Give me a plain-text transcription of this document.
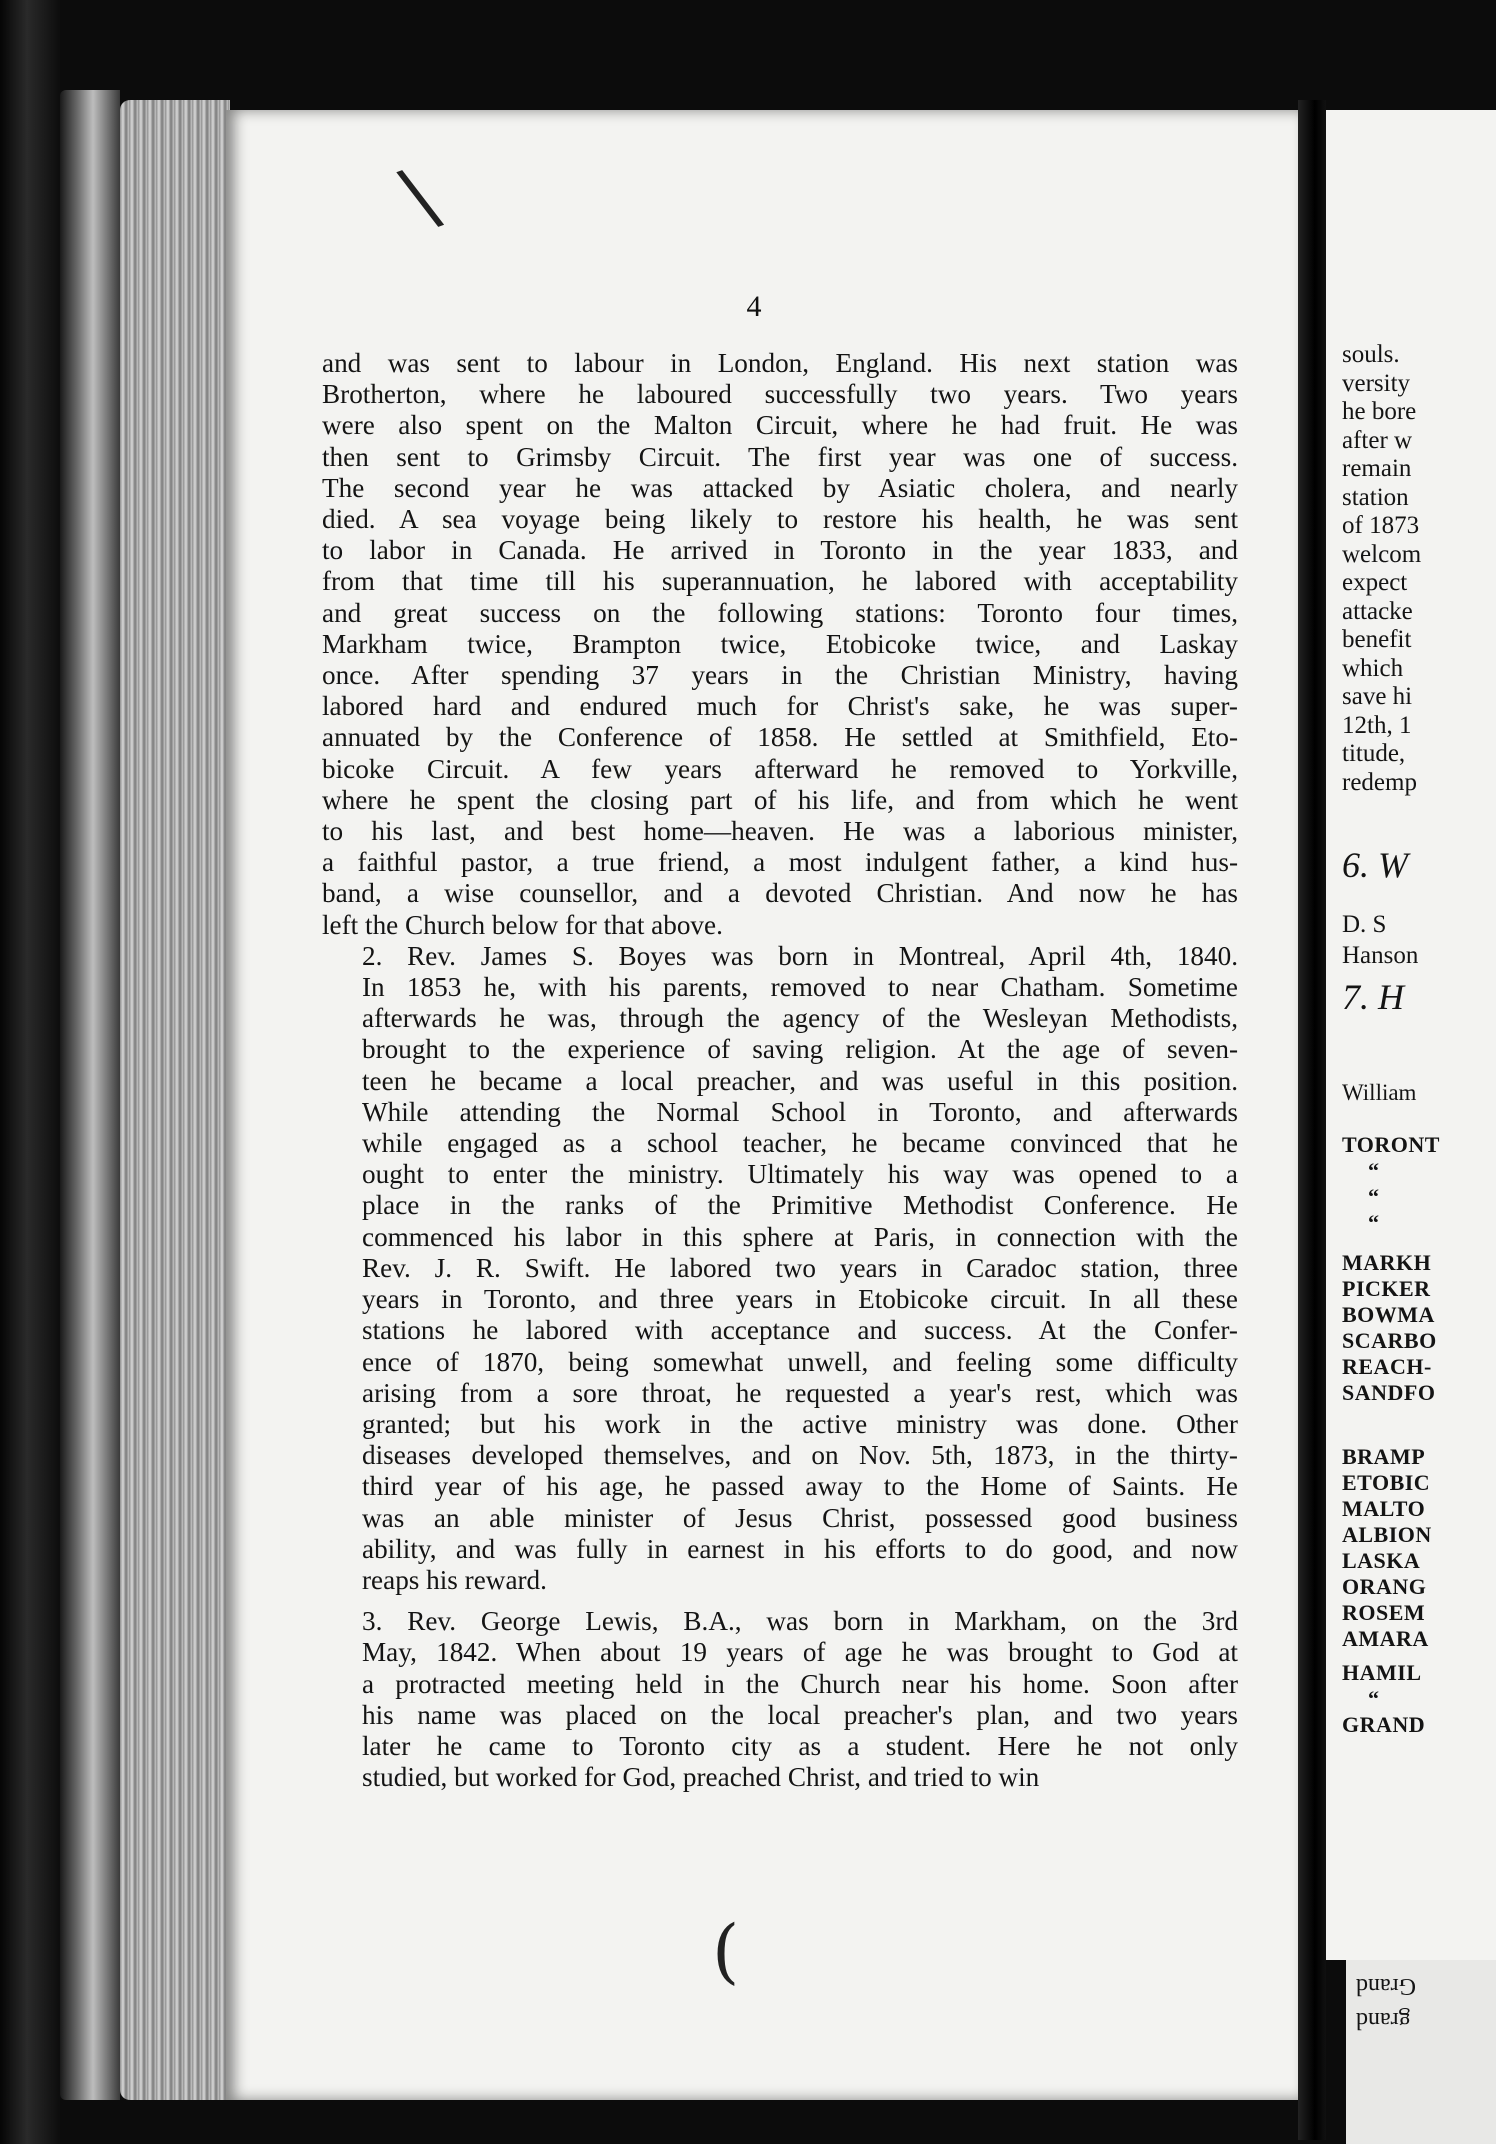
\
(
4

and was sent to labour in London, England. His next station was
Brotherton, where he laboured successfully two years. Two years
were also spent on the Malton Circuit, where he had fruit. He was
then sent to Grimsby Circuit. The first year was one of success.
The second year he was attacked by Asiatic cholera, and nearly
died. A sea voyage being likely to restore his health, he was sent
to labor in Canada. He arrived in Toronto in the year 1833, and
from that time till his superannuation, he labored with acceptability
and great success on the following stations: Toronto four times,
Markham twice, Brampton twice, Etobicoke twice, and Laskay
once. After spending 37 years in the Christian Ministry, having
labored hard and endured much for Christ's sake, he was super-
annuated by the Conference of 1858. He settled at Smithfield, Eto-
bicoke Circuit. A few years afterward he removed to Yorkville,
where he spent the closing part of his life, and from which he went
to his last, and best home—heaven. He was a laborious minister,
a faithful pastor, a true friend, a most indulgent father, a kind hus-
band, a wise counsellor, and a devoted Christian. And now he has
left the Church below for that above.

2. Rev. James S. Boyes was born in Montreal, April 4th, 1840.
In 1853 he, with his parents, removed to near Chatham. Sometime
afterwards he was, through the agency of the Wesleyan Methodists,
brought to the experience of saving religion. At the age of seven-
teen he became a local preacher, and was useful in this position.
While attending the Normal School in Toronto, and afterwards
while engaged as a school teacher, he became convinced that he
ought to enter the ministry. Ultimately his way was opened to a
place in the ranks of the Primitive Methodist Conference. He
commenced his labor in this sphere at Paris, in connection with the
Rev. J. R. Swift. He labored two years in Caradoc station, three
years in Toronto, and three years in Etobicoke circuit. In all these
stations he labored with acceptance and success. At the Confer-
ence of 1870, being somewhat unwell, and feeling some difficulty
arising from a sore throat, he requested a year's rest, which was
granted; but his work in the active ministry was done. Other
diseases developed themselves, and on Nov. 5th, 1873, in the thirty-
third year of his age, he passed away to the Home of Saints. He
was an able minister of Jesus Christ, possessed good business
ability, and was fully in earnest in his efforts to do good, and now
reaps his reward.

3. Rev. George Lewis, B.A., was born in Markham, on the 3rd
May, 1842. When about 19 years of age he was brought to God at
a protracted meeting held in the Church near his home. Soon after
his name was placed on the local preacher's plan, and two years
later he came to Toronto city as a student. Here he not only
studied, but worked for God, preached Christ, and tried to win

souls.
versity
he bore
after w
remain
station
of 1873
welcom
expect
attacke
benefit
which
save hi
12th, 1
titude,
redemp
6. W
D. S
Hanson
7. H
William
TORONT
“
“
“
MARKH
PICKER
BOWMA
SCARBO
REACH-
SANDFO
BRAMP
ETOBIC
MALTO
ALBION
LASKA
ORANG
ROSEM
AMARA
HAMIL
“
GRAND
Grand
grand
